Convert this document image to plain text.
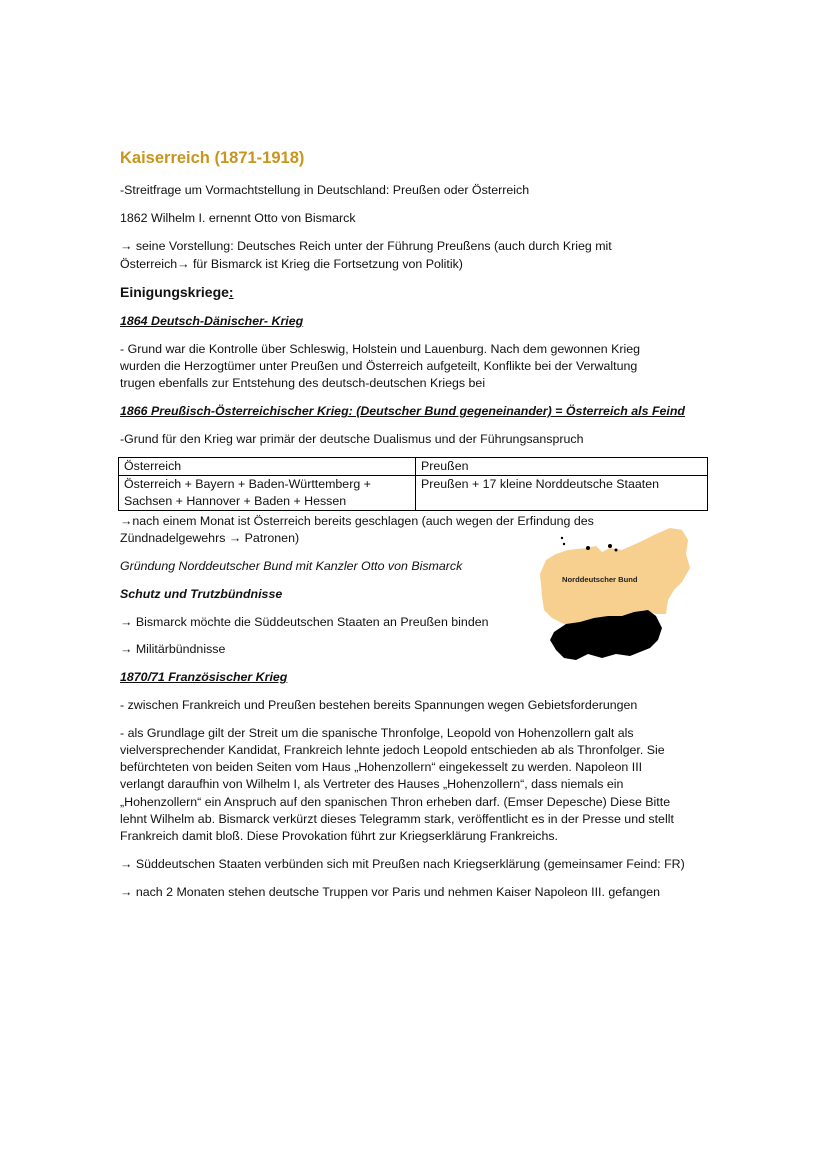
Kaiserreich (1871-1918)
-Streitfrage um Vormachtstellung in Deutschland: Preußen oder Österreich
1862 Wilhelm I. ernennt Otto von Bismarck
→ seine Vorstellung: Deutsches Reich unter der Führung Preußens (auch durch Krieg mit
Österreich→ für Bismarck ist Krieg die Fortsetzung von Politik)
Einigungskriege:
1864 Deutsch-Dänischer- Krieg
- Grund war die Kontrolle über Schleswig, Holstein und Lauenburg. Nach dem gewonnen Krieg
wurden die Herzogtümer unter Preußen und Österreich aufgeteilt, Konflikte bei der Verwaltung
trugen ebenfalls zur Entstehung des deutsch-deutschen Kriegs bei
1866 Preußisch-Österreichischer Krieg: (Deutscher Bund gegeneinander) = Österreich als Feind
-Grund für den Krieg war primär der deutsche Dualismus und der Führungsanspruch
Österreich	Preußen

Österreich + Bayern + Baden-Württemberg +
Sachsen + Hannover + Baden + Hessen	Preußen + 17 kleine Norddeutsche Staaten
→nach einem Monat ist Österreich bereits geschlagen (auch wegen der Erfindung des
Zündnadelgewehrs → Patronen)
Gründung Norddeutscher Bund mit Kanzler Otto von Bismarck
Schutz und Trutzbündnisse
→ Bismarck möchte die Süddeutschen Staaten an Preußen binden
→ Militärbündnisse
Norddeutscher Bund
1870/71 Französischer Krieg
- zwischen Frankreich und Preußen bestehen bereits Spannungen wegen Gebietsforderungen
- als Grundlage gilt der Streit um die spanische Thronfolge, Leopold von Hohenzollern galt als
vielversprechender Kandidat, Frankreich lehnte jedoch Leopold entschieden ab als Thronfolger. Sie
befürchteten von beiden Seiten vom Haus „Hohenzollern“ eingekesselt zu werden. Napoleon III
verlangt daraufhin von Wilhelm I, als Vertreter des Hauses „Hohenzollern“, dass niemals ein
„Hohenzollern“ ein Anspruch auf den spanischen Thron erheben darf. (Emser Depesche) Diese Bitte
lehnt Wilhelm ab. Bismarck verkürzt dieses Telegramm stark, veröffentlicht es in der Presse und stellt
Frankreich damit bloß. Diese Provokation führt zur Kriegserklärung Frankreichs.
→ Süddeutschen Staaten verbünden sich mit Preußen nach Kriegserklärung (gemeinsamer Feind: FR)
→ nach 2 Monaten stehen deutsche Truppen vor Paris und nehmen Kaiser Napoleon III. gefangen
